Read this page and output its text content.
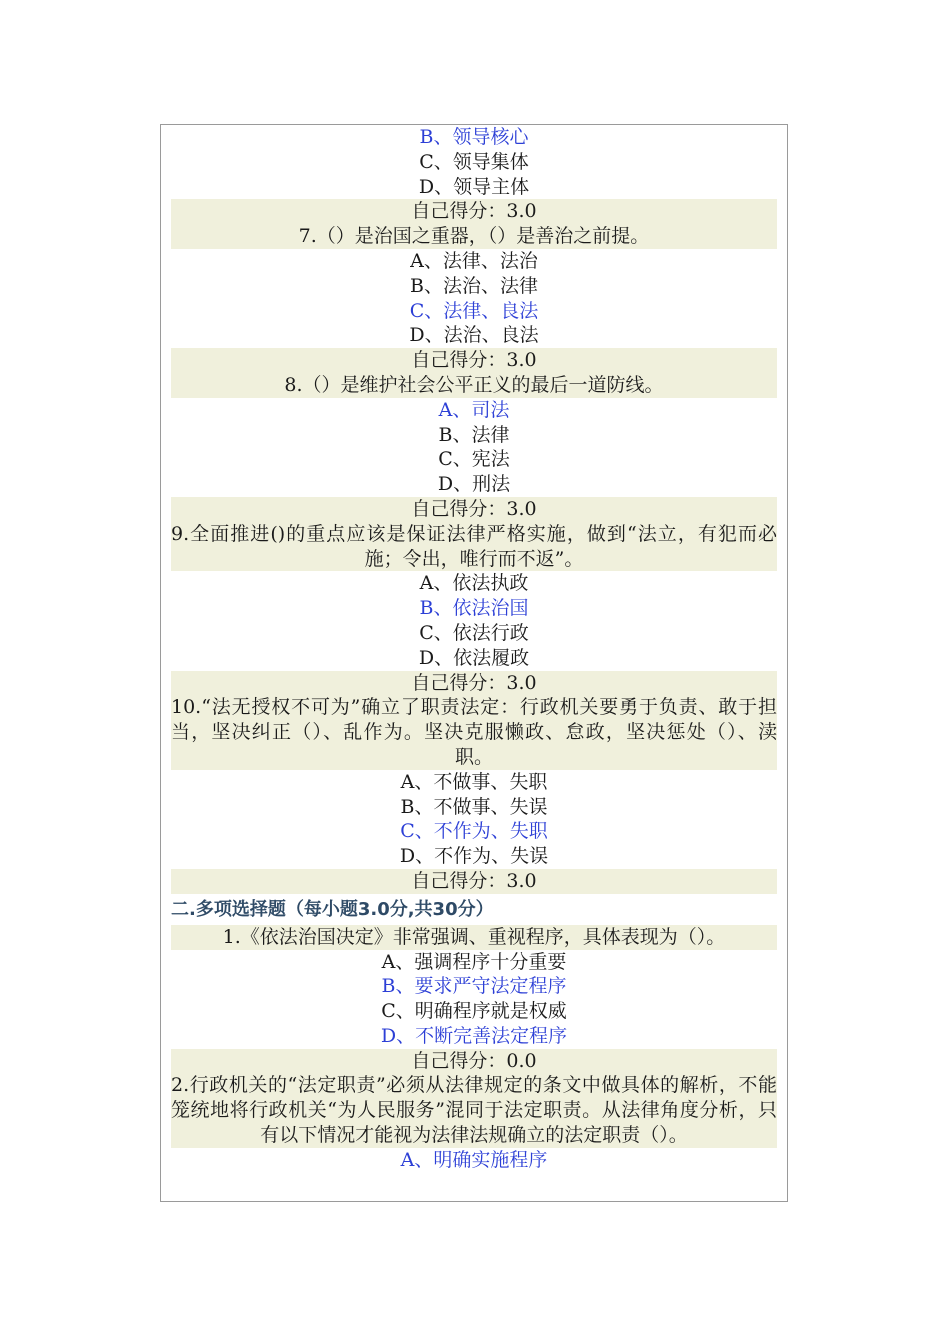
B、领导核心
C、领导集体
D、领导主体
自己得分：3.0
7.（）是治国之重器，（）是善治之前提。
A、法律、法治
B、法治、法律
C、法律、良法
D、法治、良法
自己得分：3.0
8.（）是维护社会公平正义的最后一道防线。
A、司法
B、法律
C、宪法
D、刑法
自己得分：3.0
9.全面推进()的重点应该是保证法律严格实施，做到“法立，有犯而必施；令出，唯行而不返”。
A、依法执政
B、依法治国
C、依法行政
D、依法履政
自己得分：3.0
10.“法无授权不可为”确立了职责法定：行政机关要勇于负责、敢于担当，坚决纠正（）、乱作为。坚决克服懒政、怠政，坚决惩处（）、渎职。
A、不做事、失职
B、不做事、失误
C、不作为、失职
D、不作为、失误
自己得分：3.0
二.多项选择题（每小题3.0分,共30分）
1.《依法治国决定》非常强调、重视程序，具体表现为（）。
A、强调程序十分重要
B、要求严守法定程序
C、明确程序就是权威
D、不断完善法定程序
自己得分：0.0
2.行政机关的“法定职责”必须从法律规定的条文中做具体的解析，不能笼统地将行政机关“为人民服务”混同于法定职责。从法律角度分析，只有以下情况才能视为法律法规确立的法定职责（）。
A、明确实施程序
